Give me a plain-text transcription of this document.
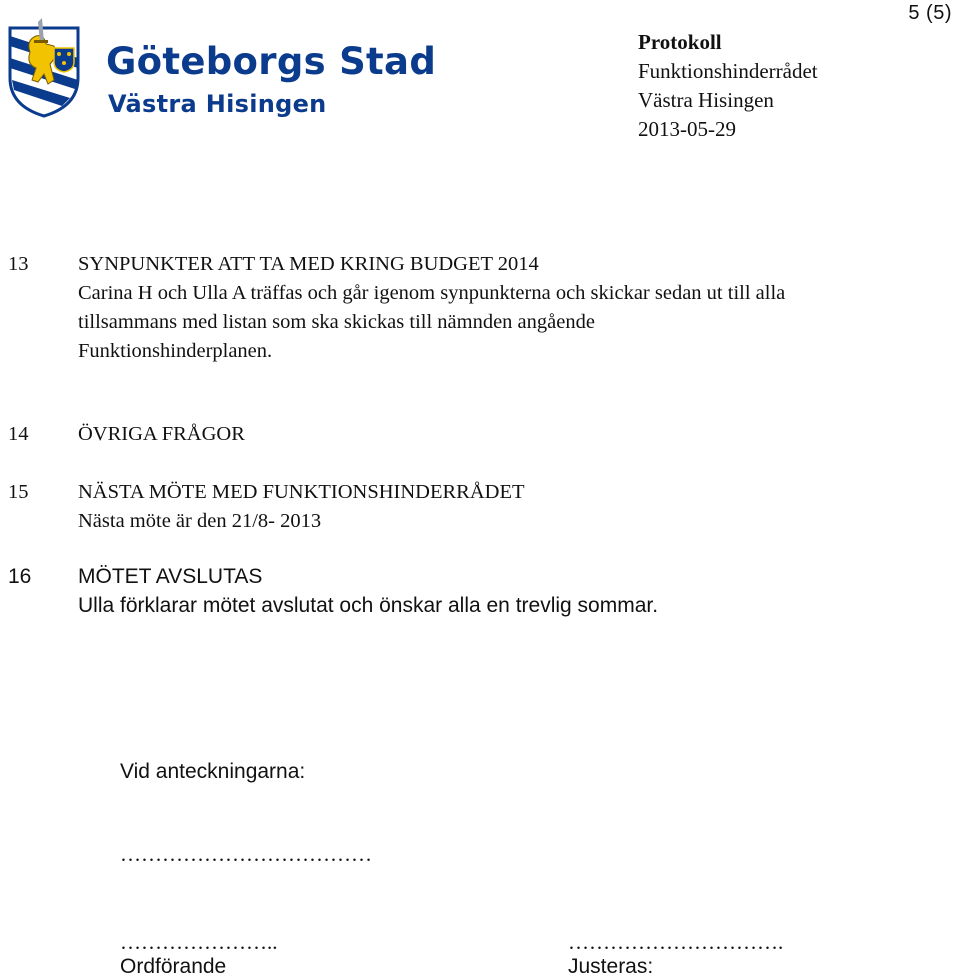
5 (5)
Göteborgs Stad
Västra Hisingen
Protokoll
Funktionshinderrådet
Västra Hisingen
2013-05-29
13 SYNPUNKTER ATT TA MED KRING BUDGET 2014
Carina H och Ulla A träffas och går igenom synpunkterna och skickar sedan ut till alla
tillsammans med listan som ska skickas till nämnden angående
Funktionshinderplanen.
14 ÖVRIGA FRÅGOR
15 NÄSTA MÖTE MED FUNKTIONSHINDERRÅDET
Nästa möte är den 21/8- 2013
16 MÖTET AVSLUTAS
Ulla förklarar mötet avslutat och önskar alla en trevlig sommar.
Vid anteckningarna:
………………………………
…………………..
Ordförande
………………………….
Justeras:
